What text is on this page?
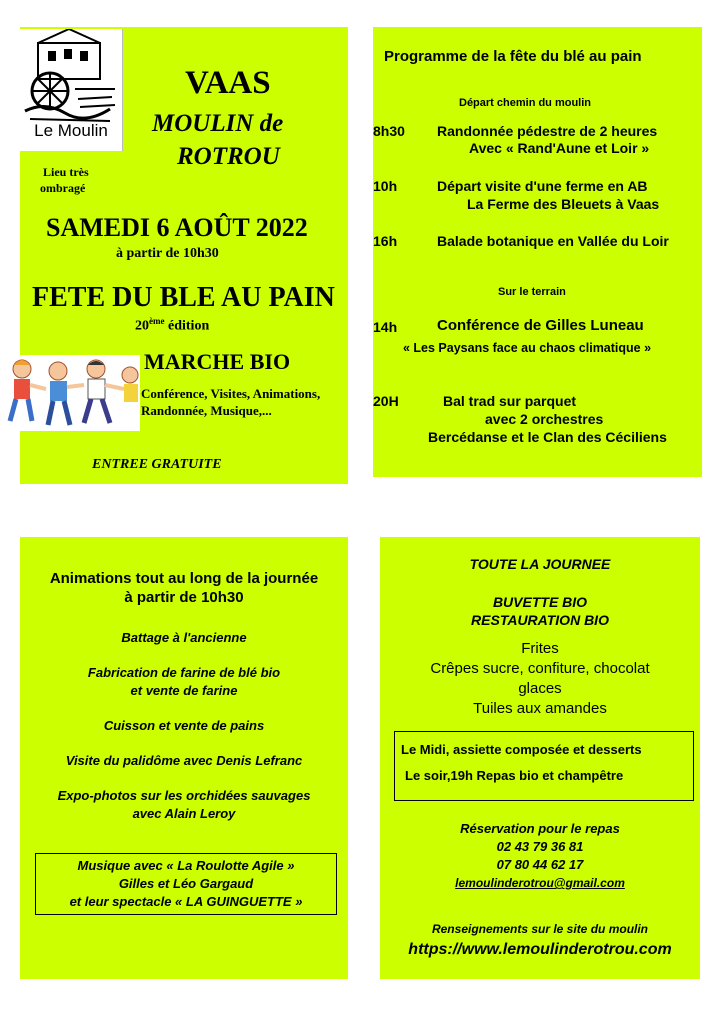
Le Moulin
VAAS
MOULIN de
ROTROU
Lieu très
ombragé
SAMEDI 6 AOÛT 2022
à partir de 10h30
FETE DU BLE AU PAIN
20ème édition
MARCHE BIO
Conférence, Visites, Animations,
Randonnée, Musique,...
ENTREE GRATUITE
Programme de la fête du blé au pain
Départ chemin du moulin
8h30 Randonnée pédestre de 2 heures
Avec « Rand'Aune et Loir »
10h	Départ visite d'une ferme en AB
La Ferme des Bleuets à Vaas
16h	Balade botanique en Vallée du Loir
Sur le terrain
14h	Conférence de Gilles Luneau
« Les Paysans face au chaos climatique »
20H	Bal trad sur parquet
avec 2 orchestres
Bercédanse et le Clan des Céciliens
Animations tout au long de la journée
à partir de 10h30
Battage à l'ancienne
Fabrication de farine de blé bio
et vente de farine
Cuisson et vente de pains
Visite du palidôme avec Denis Lefranc
Expo-photos sur les orchidées sauvages
avec Alain Leroy
Musique avec « La Roulotte Agile »
Gilles et Léo Gargaud
et leur spectacle « LA GUINGUETTE »
TOUTE LA JOURNEE
BUVETTE BIO
RESTAURATION BIO
Frites
Crêpes sucre, confiture, chocolat
glaces
Tuiles aux amandes
Le Midi, assiette composée et desserts
Le soir,19h Repas bio et champêtre
Réservation pour le repas
02 43 79 36 81
07 80 44 62 17
lemoulinderotrou@gmail.com
Renseignements sur le site du moulin
https://www.lemoulinderotrou.com
